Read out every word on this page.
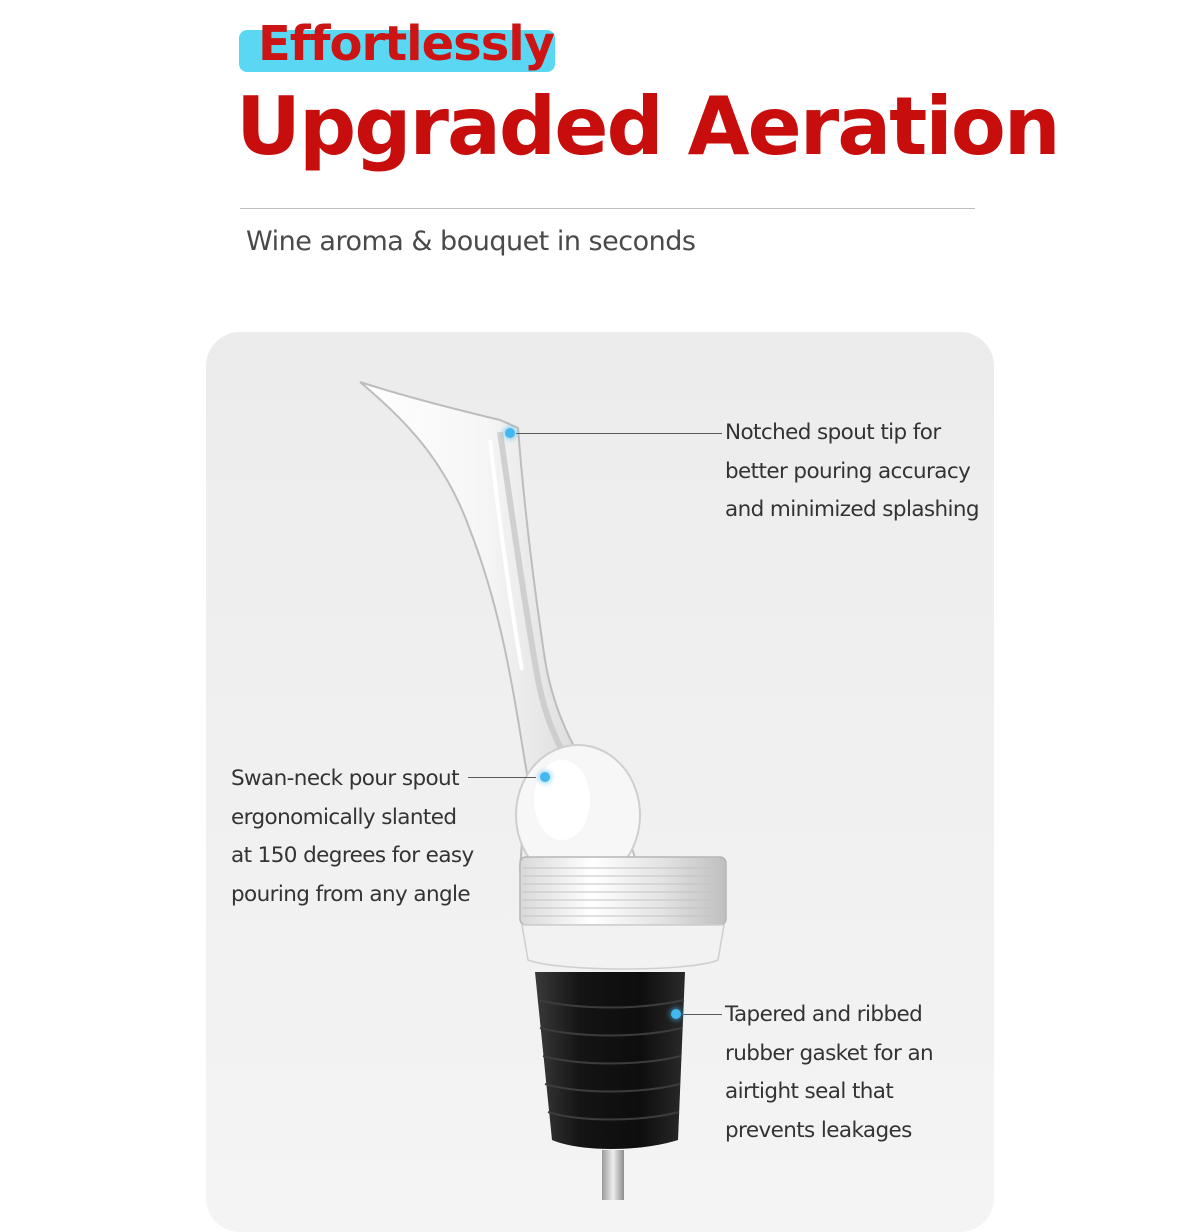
Effortlessly
Upgraded Aeration
Wine aroma & bouquet in seconds
Notched spout tip for
better pouring accuracy
and minimized splashing
Swan-neck pour spout
ergonomically slanted
at 150 degrees for easy
pouring from any angle
Tapered and ribbed
rubber gasket for an
airtight seal that
prevents leakages
